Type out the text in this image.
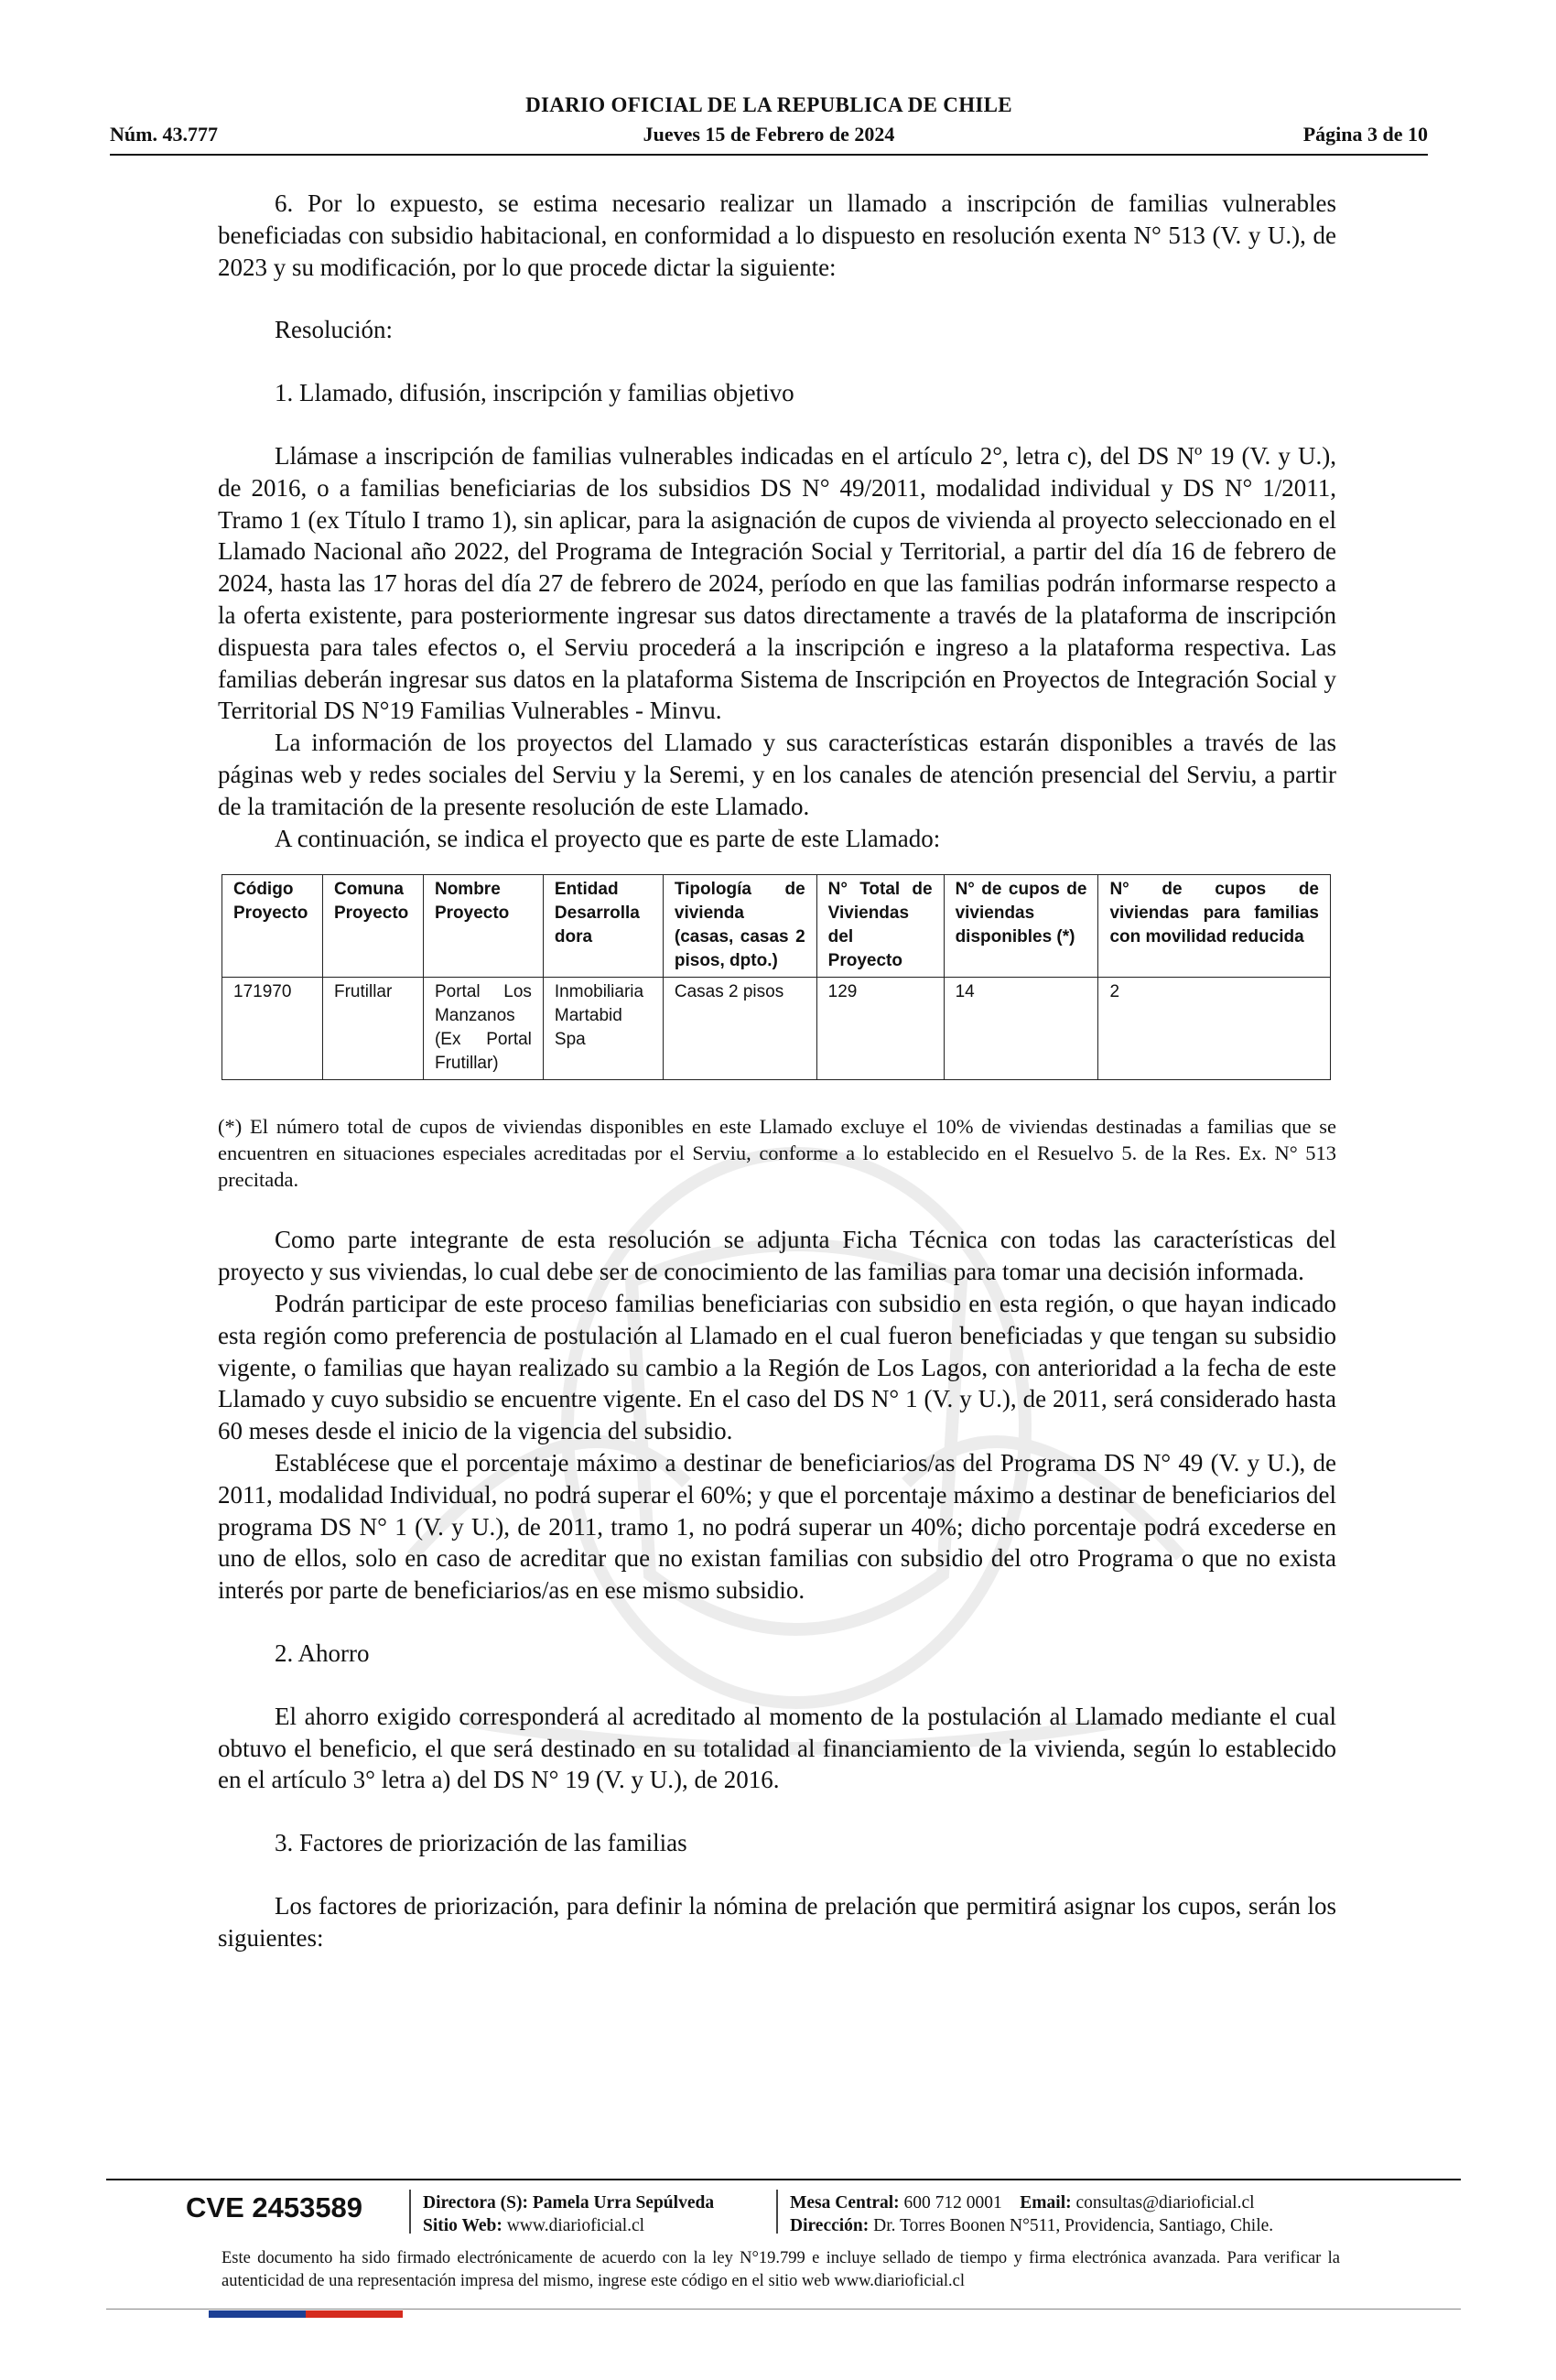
DIARIO OFICIAL DE LA REPUBLICA DE CHILE
Núm. 43.777	Jueves 15 de Febrero de 2024	Página 3 de 10

6. Por lo expuesto, se estima necesario realizar un llamado a inscripción de familias vulnerables beneficiadas con subsidio habitacional, en conformidad a lo dispuesto en resolución exenta N° 513 (V. y U.), de 2023 y su modificación, por lo que procede dictar la siguiente:

Resolución:

1. Llamado, difusión, inscripción y familias objetivo

Llámase a inscripción de familias vulnerables indicadas en el artículo 2°, letra c), del DS Nº 19 (V. y U.), de 2016, o a familias beneficiarias de los subsidios DS N° 49/2011, modalidad individual y DS N° 1/2011, Tramo 1 (ex Título I tramo 1), sin aplicar, para la asignación de cupos de vivienda al proyecto seleccionado en el Llamado Nacional año 2022, del Programa de Integración Social y Territorial, a partir del día 16 de febrero de 2024, hasta las 17 horas del día 27 de febrero de 2024, período en que las familias podrán informarse respecto a la oferta existente, para posteriormente ingresar sus datos directamente a través de la plataforma de inscripción dispuesta para tales efectos o, el Serviu procederá a la inscripción e ingreso a la plataforma respectiva. Las familias deberán ingresar sus datos en la plataforma Sistema de Inscripción en Proyectos de Integración Social y Territorial DS N°19 Familias Vulnerables - Minvu.

La información de los proyectos del Llamado y sus características estarán disponibles a través de las páginas web y redes sociales del Serviu y la Seremi, y en los canales de atención presencial del Serviu, a partir de la tramitación de la presente resolución de este Llamado.

A continuación, se indica el proyecto que es parte de este Llamado:

Código Proyecto	Comuna Proyecto	Nombre Proyecto	Entidad Desarrolla dora	Tipología de vivienda (casas, casas 2 pisos, dpto.)	N° Total de Viviendas del Proyecto	N° de cupos de viviendas disponibles (*)	N° de cupos de viviendas para familias con movilidad reducida
171970	Frutillar	Portal Los Manzanos (Ex Portal Frutillar)	Inmobiliaria Martabid Spa	Casas 2 pisos	129	14	2
(*) El número total de cupos de viviendas disponibles en este Llamado excluye el 10% de viviendas destinadas a familias que se encuentren en situaciones especiales acreditadas por el Serviu, conforme a lo establecido en el Resuelvo 5. de la Res. Ex. N° 513 precitada.

Como parte integrante de esta resolución se adjunta Ficha Técnica con todas las características del proyecto y sus viviendas, lo cual debe ser de conocimiento de las familias para tomar una decisión informada.

Podrán participar de este proceso familias beneficiarias con subsidio en esta región, o que hayan indicado esta región como preferencia de postulación al Llamado en el cual fueron beneficiadas y que tengan su subsidio vigente, o familias que hayan realizado su cambio a la Región de Los Lagos, con anterioridad a la fecha de este Llamado y cuyo subsidio se encuentre vigente. En el caso del DS N° 1 (V. y U.), de 2011, será considerado hasta 60 meses desde el inicio de la vigencia del subsidio.

Establécese que el porcentaje máximo a destinar de beneficiarios/as del Programa DS N° 49 (V. y U.), de 2011, modalidad Individual, no podrá superar el 60%; y que el porcentaje máximo a destinar de beneficiarios del programa DS N° 1 (V. y U.), de 2011, tramo 1, no podrá superar un 40%; dicho porcentaje podrá excederse en uno de ellos, solo en caso de acreditar que no existan familias con subsidio del otro Programa o que no exista interés por parte de beneficiarios/as en ese mismo subsidio.

2. Ahorro

El ahorro exigido corresponderá al acreditado al momento de la postulación al Llamado mediante el cual obtuvo el beneficio, el que será destinado en su totalidad al financiamiento de la vivienda, según lo establecido en el artículo 3° letra a) del DS N° 19 (V. y U.), de 2016.

3. Factores de priorización de las familias

Los factores de priorización, para definir la nómina de prelación que permitirá asignar los cupos, serán los siguientes:

CVE 2453589	Directora (S): Pamela Urra Sepúlveda
Sitio Web: www.diarioficial.cl
Mesa Central: 600 712 0001 Email: consultas@diarioficial.cl
Dirección: Dr. Torres Boonen N°511, Providencia, Santiago, Chile.
Este documento ha sido firmado electrónicamente de acuerdo con la ley N°19.799 e incluye sellado de tiempo y firma electrónica avanzada. Para verificar la autenticidad de una representación impresa del mismo, ingrese este código en el sitio web www.diarioficial.cl
